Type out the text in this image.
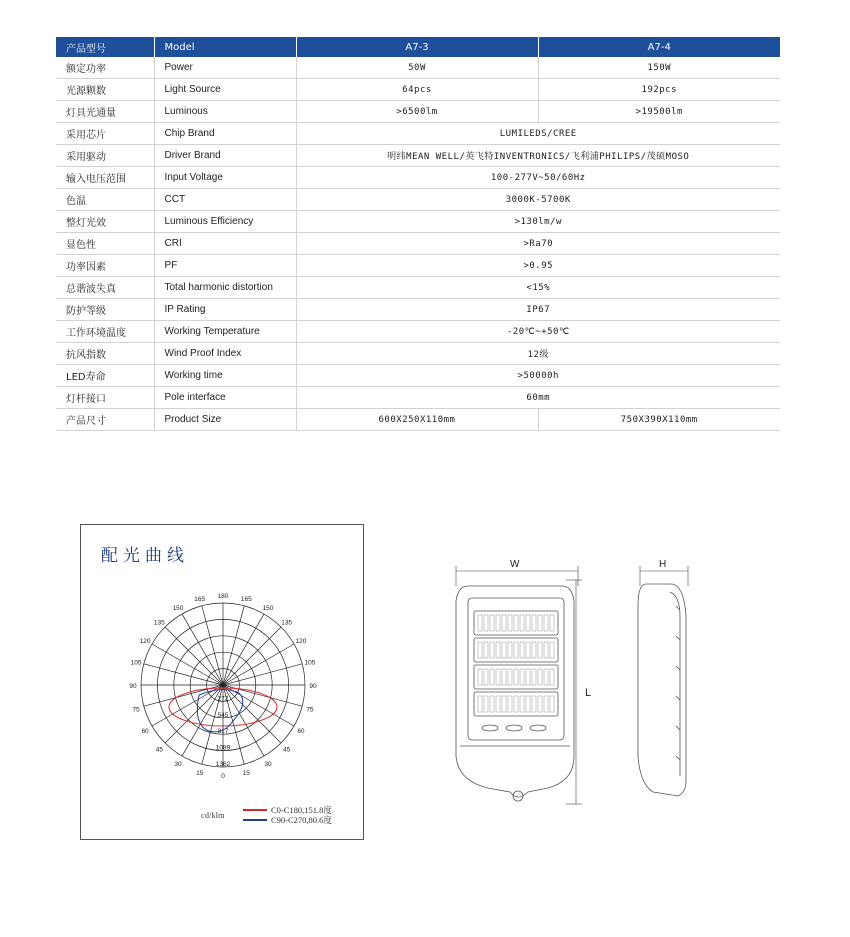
产品型号	Model	A7-3	A7-4
额定功率	Power	50W	150W
光源颗数	Light Source	64pcs	192pcs
灯具光通量	Luminous	>6500lm	>19500lm
采用芯片	Chip Brand	LUMILEDS/CREE	
采用驱动	Driver Brand	明纬MEAN WELL/英飞特INVENTRONICS/飞利浦PHILIPS/茂硕MOSO	
输入电压范围	Input Voltage	100-277V~50/60Hz	
色温	CCT	3000K-5700K	
整灯光效	Luminous Efficiency	>130lm/w	
显色性	CRI	>Ra70	
功率因素	PF	>0.95	
总谐波失真	Total harmonic distortion	<15%	
防护等级	IP Rating	IP67	
工作环境温度	Working Temperature	-20℃~+50℃	
抗风指数	Wind Proof Index	12级	
LED寿命	Working time	>50000h	
灯杆接口	Pole interface	60mm	
产品尺寸	Product Size	600X250X110mm	750X390X110mm
配光曲线
180
165	165
150	150
135	135
120	120
105	105
90	90
75	75
60	60
45	45
30	30
15	15
0
272
545
817
1089
1362
cd/klm	C0-C180,151.8度
C90-C270,80.6度
W
L
H
